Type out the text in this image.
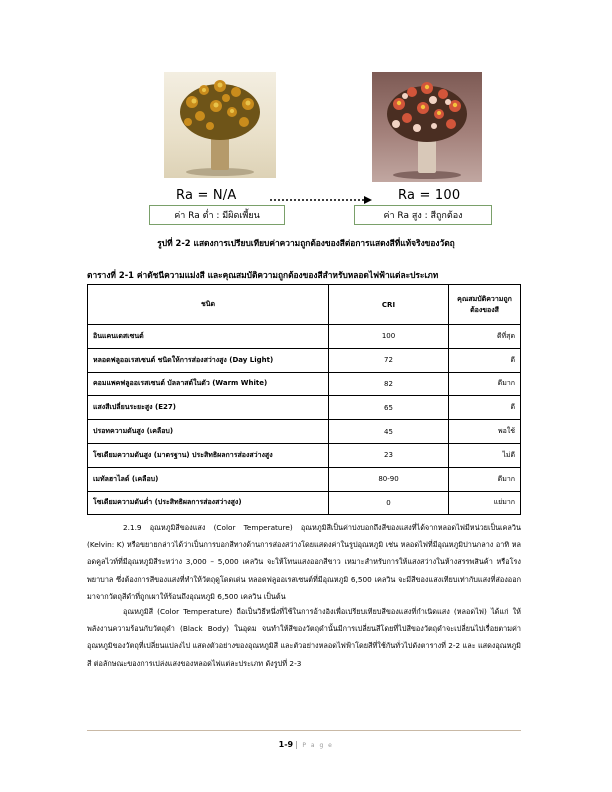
Ra = N/A	Ra = 100
ค่า Ra ต่ำ : มีผิดเพี้ยน	ค่า Ra สูง : สีถูกต้อง
รูปที่ 2-2 แสดงการเปรียบเทียบค่าความถูกต้องของสีต่อการแสดงสีที่แท้จริงของวัตถุ
ตารางที่ 2-1 ค่าดัชนีความแม่งสี และคุณสมบัติความถูกต้องของสีสำหรับหลอดไฟฟ้าแต่ละประเภท
ชนิด	CRI	คุณสมบัติความถูกต้องของสี
อินแคนเดสเซนต์	100	ดีที่สุด
หลอดฟลูออเรสเซนต์ ชนิดให้การส่องสว่างสูง (Day Light)	72	ดี
คอมแพคฟลูออเรสเซนต์ บัลลาสต์ในตัว (Warm White)	82	ดีมาก
แสงสีเปลี่ยนระยะสูง (E27)	65	ดี
ปรอทความดันสูง (เคลือบ)	45	พอใช้
โซเดียมความดันสูง (มาตรฐาน) ประสิทธิผลการส่องสว่างสูง	23	ไม่ดี
เมทัลฮาไลด์ (เคลือบ)	80-90	ดีมาก
โซเดียมความดันต่ำ (ประสิทธิผลการส่องสว่างสูง)	0	แย่มาก

2.1.9 อุณหภูมิสีของแสง (Color Temperature) อุณหภูมิสีเป็นค่าบ่งบอกถึงสีของแสงที่ได้จากหลอดไฟมีหน่วยเป็นเคลวิน (Kelvin: K) หรือขยายกล่าวได้ว่าเป็นการบอกสีทางด้านการส่องสว่างโดยแสดงค่าในรูปอุณหภูมิ เช่น หลอดไฟที่มีอุณหภูมิปานกลาง อาทิ หลอดคูลไวท์ที่มีอุณหภูมิสีระหว่าง 3,000 – 5,000 เคลวิน จะให้โทนแสงออกสีขาว เหมาะสำหรับการให้แสงสว่างในห้างสรรพสินค้า หรือโรงพยาบาล ซึ่งต้องการสีของแสงที่ทำให้วัตถุดูโดดเด่น หลอดฟลูออเรสเซนต์ที่มีอุณหภูมิ 6,500 เคลวิน จะมีสีของแสงเทียบเท่ากับแสงที่ส่องออกมาจากวัตถุสีดำที่ถูกเผาให้ร้อนถึงอุณหภูมิ 6,500 เคลวิน เป็นต้น

อุณหภูมิสี (Color Temperature) ถือเป็นวิธีหนึ่งที่ใช้ในการอ้างอิงเพื่อเปรียบเทียบสีของแสงที่กำเนิดแสง (หลอดไฟ) ได้แก่ ให้พลังงานความร้อนกับวัตถุดำ (Black Body) ในอุดม จนทำให้สีของวัตถุดำนั้นมีการเปลี่ยนสีโดยที่ไปสีของวัตถุดำจะเปลี่ยนไปเรื่อยตามค่าอุณหภูมิของวัตถุที่เปลี่ยนแปลงไป แสดงตัวอย่างของอุณหภูมิสี และตัวอย่างหลอดไฟฟ้าโดยสีที่ใช้กันทั่วไปดังตารางที่ 2-2 และ แสดงอุณหภูมิสี ต่อลักษณะของการเปล่งแสงของหลอดไฟแต่ละประเภท ดังรูปที่ 2-3

1-9 | P a g e
